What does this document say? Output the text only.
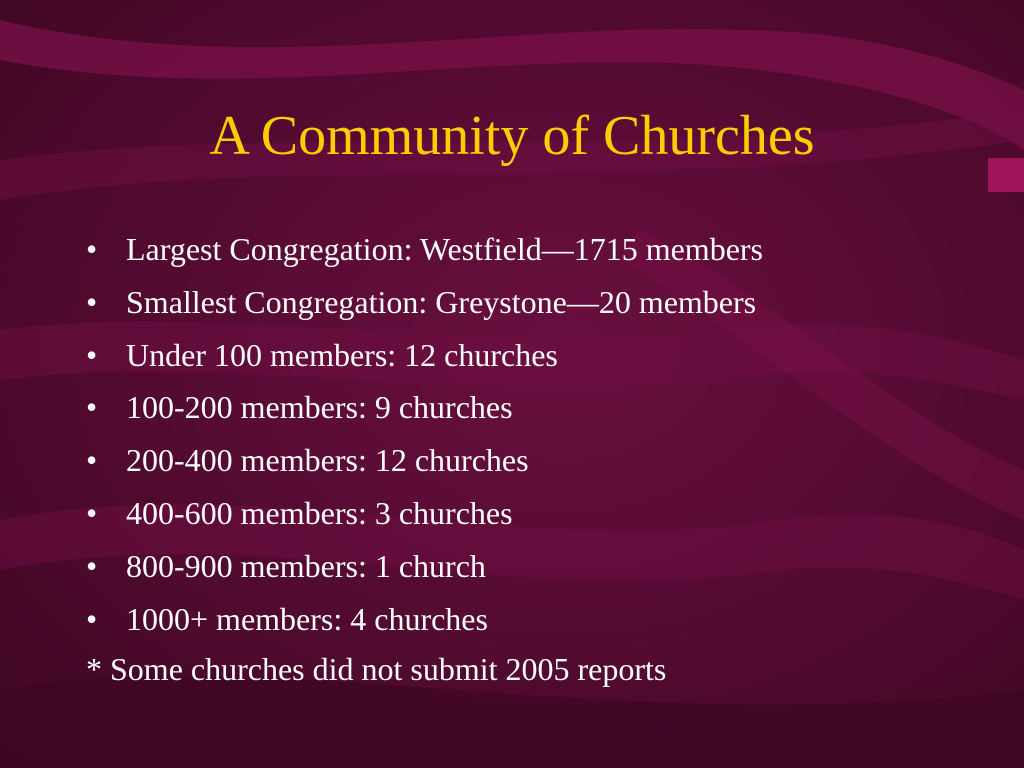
A Community of Churches
• Largest Congregation: Westfield—1715 members
• Smallest Congregation: Greystone—20 members
• Under 100 members: 12 churches
• 100-200 members: 9 churches
• 200-400 members: 12 churches
• 400-600 members: 3 churches
• 800-900 members: 1 church
• 1000+ members: 4 churches
* Some churches did not submit 2005 reports
